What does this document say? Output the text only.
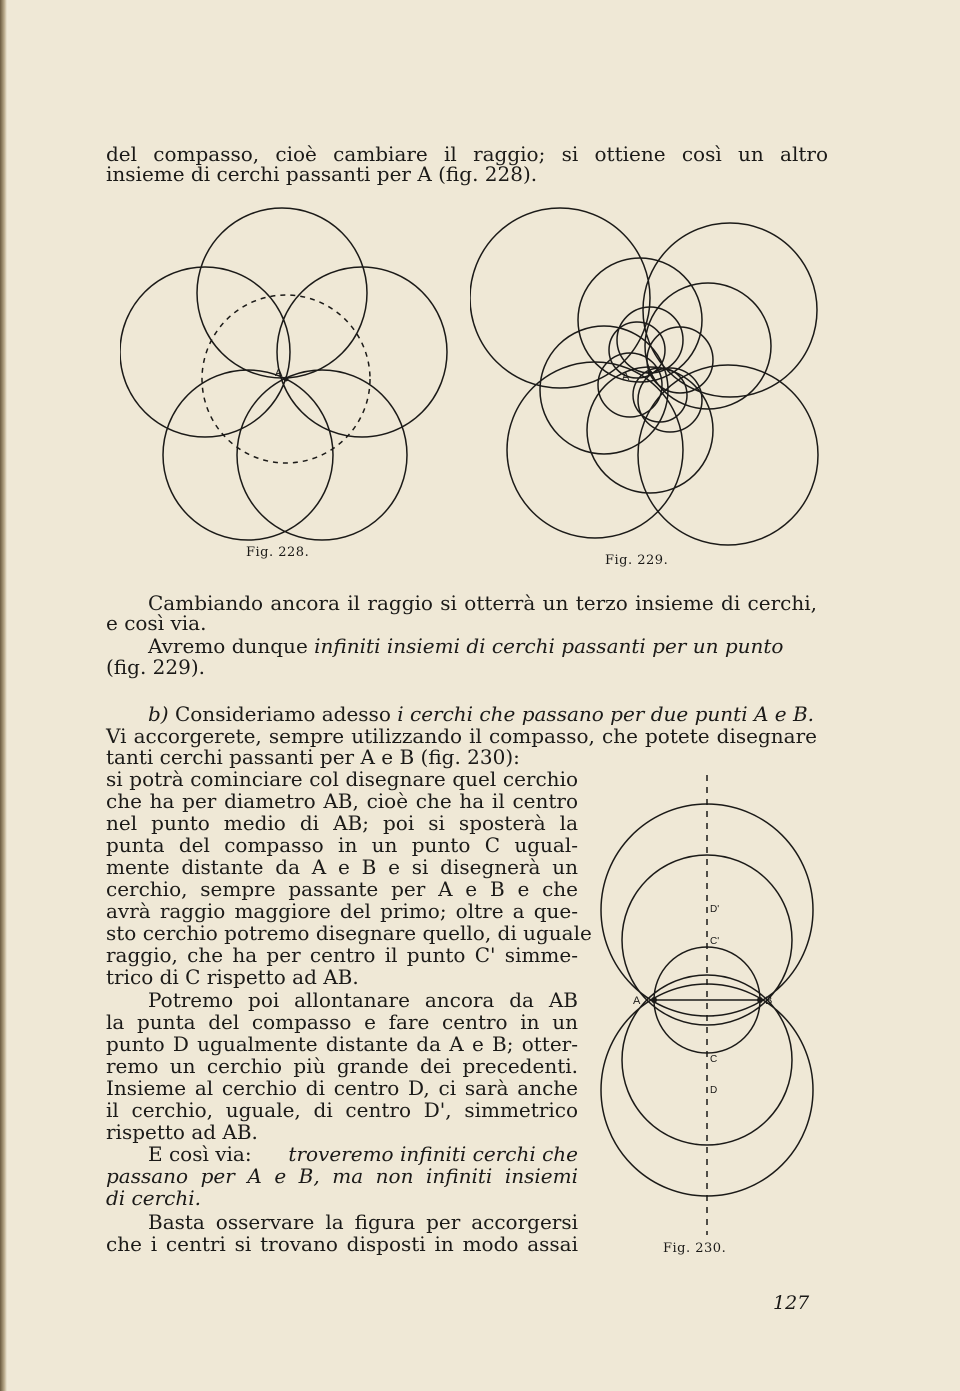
del compasso, cioè cambiare il raggio; si ottiene così un altro
insieme di cerchi passanti per A (fig. 228).
A
Fig. 228.
A
Fig. 229.
Cambiando ancora il raggio si otterrà un terzo insieme di cerchi,
e così via.
Avremo dunque infiniti insiemi di cerchi passanti per un punto
(fig. 229).
b) Consideriamo adesso i cerchi che passano per due punti A e B.
Vi accorgerete, sempre utilizzando il compasso, che potete disegnare
tanti cerchi passanti per A e B (fig. 230):
si potrà cominciare col disegnare quel cerchio
che ha per diametro AB, cioè che ha il centro
nel punto medio di AB; poi si sposterà la
punta del compasso in un punto C ugual-
mente distante da A e B e si disegnerà un
cerchio, sempre passante per A e B e che
avrà raggio maggiore del primo; oltre a que-
sto cerchio potremo disegnare quello, di uguale
raggio, che ha per centro il punto C' simme-
trico di C rispetto ad AB.
Potremo poi allontanare ancora da AB
la punta del compasso e fare centro in un
punto D ugualmente distante da A e B; otter-
remo un cerchio più grande dei precedenti.
Insieme al cerchio di centro D, ci sarà anche
il cerchio, uguale, di centro D', simmetrico
rispetto ad AB.
E così via: troveremo infiniti cerchi che
passano per A e B, ma non infiniti insiemi
di cerchi.
Basta osservare la figura per accorgersi
che i centri si trovano disposti in modo assai
A	B
C
D
C'
D'
Fig. 230.
127
